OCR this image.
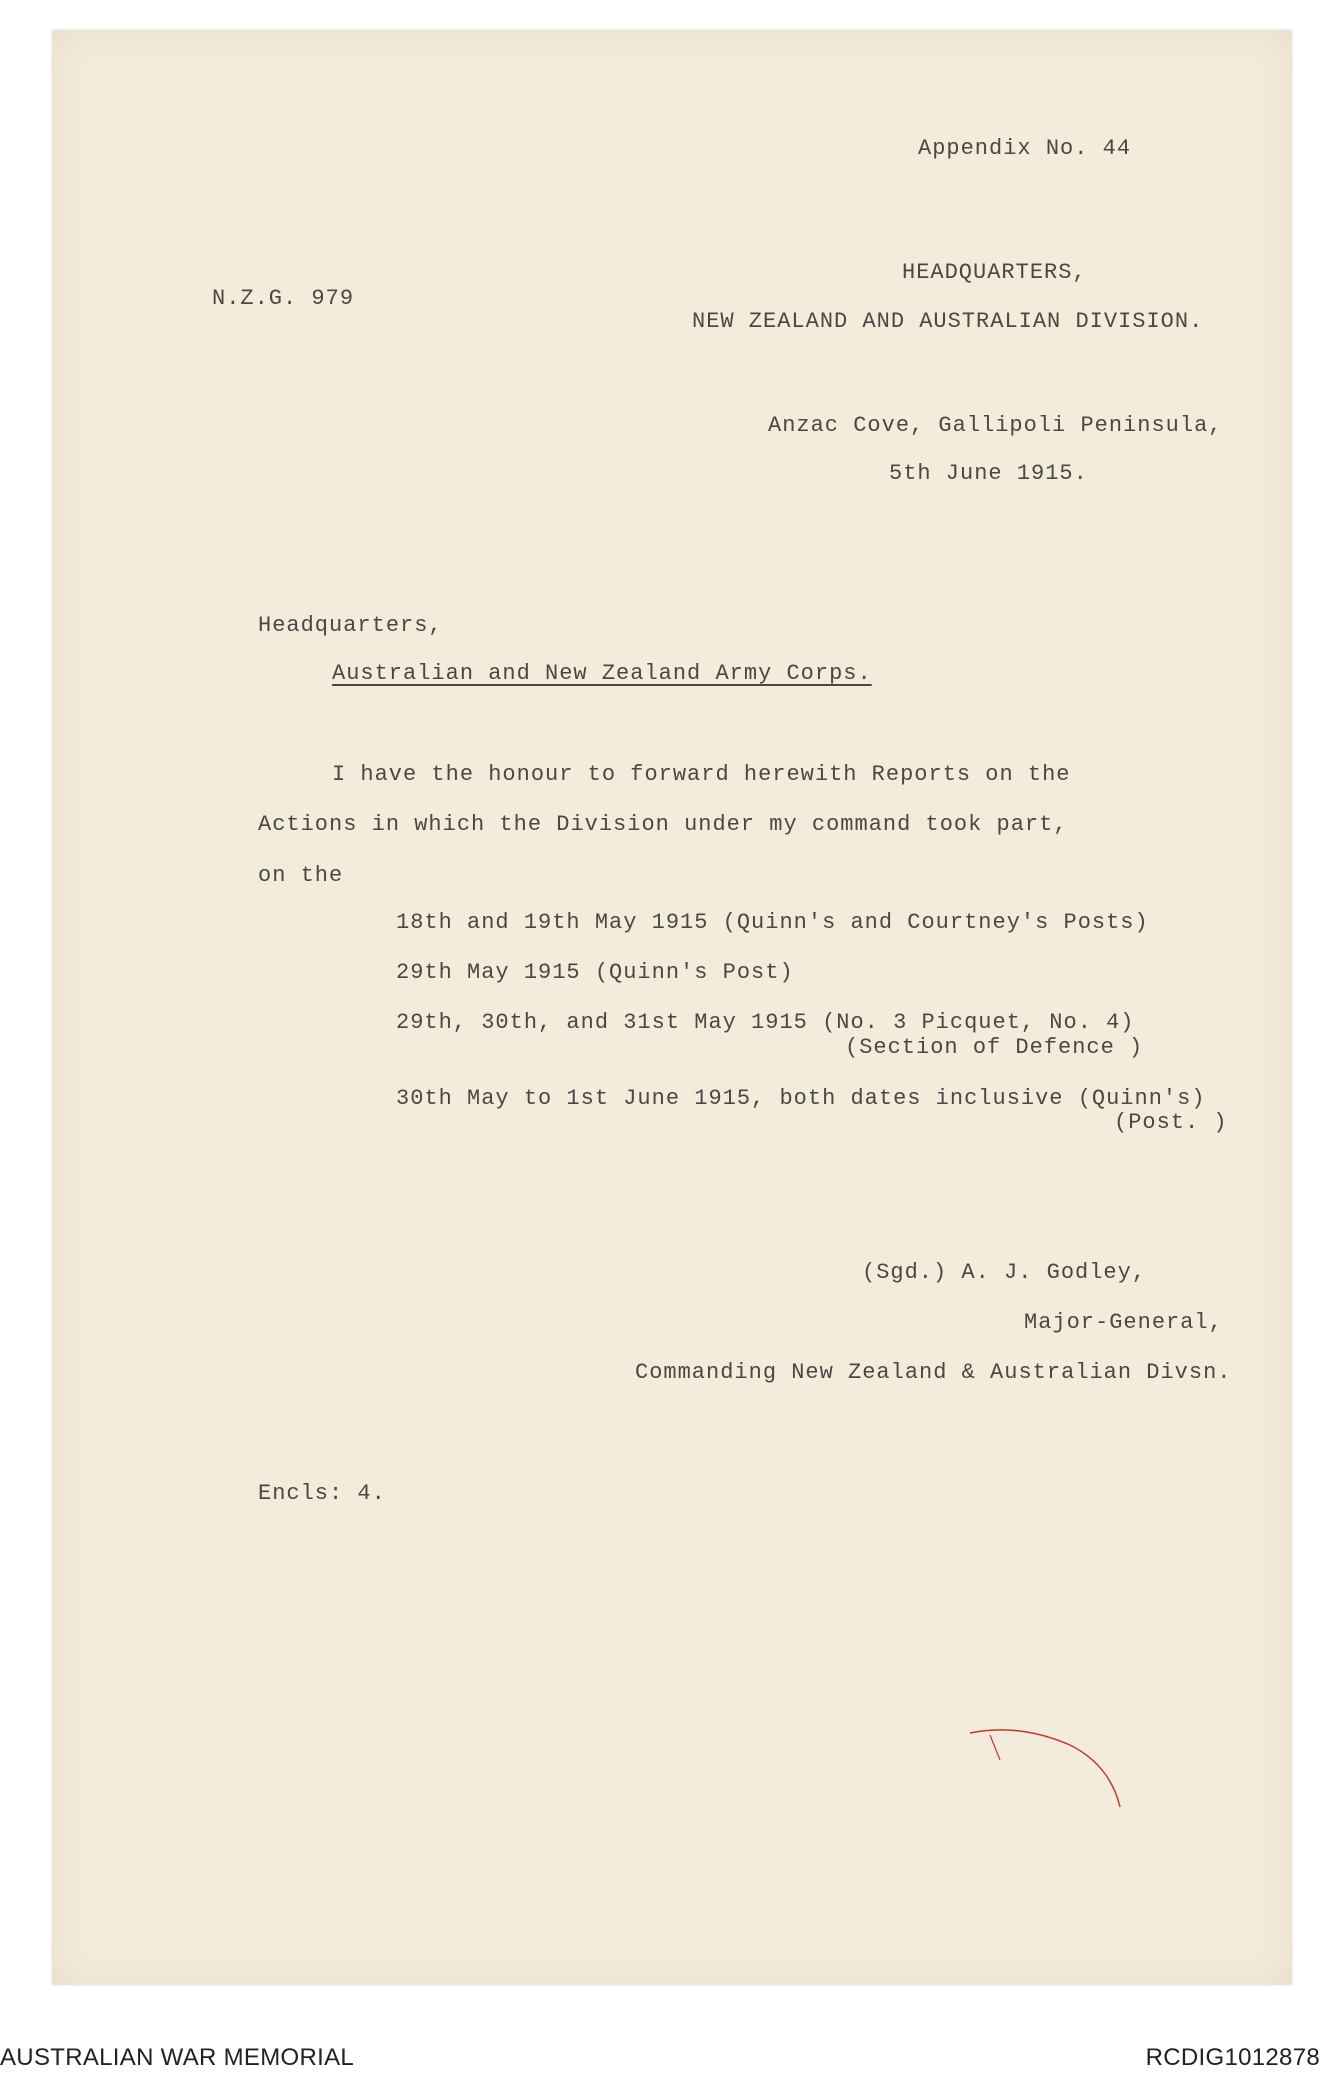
Appendix No. 44
N.Z.G. 979
HEADQUARTERS,
NEW ZEALAND AND AUSTRALIAN DIVISION.
Anzac Cove, Gallipoli Peninsula,
5th June 1915.
Headquarters,
Australian and New Zealand Army Corps.
I have the honour to forward herewith Reports on the
Actions in which the Division under my command took part,
on the
18th and 19th May 1915 (Quinn's and Courtney's Posts)
29th May 1915 (Quinn's Post)
29th, 30th, and 31st May 1915 (No. 3 Picquet, No. 4)
(Section of Defence )
30th May to 1st June 1915, both dates inclusive (Quinn's)
(Post. )
(Sgd.) A. J. Godley,
Major-General,
Commanding New Zealand & Australian Divsn.
Encls: 4.
AUSTRALIAN WAR MEMORIAL	RCDIG1012878
